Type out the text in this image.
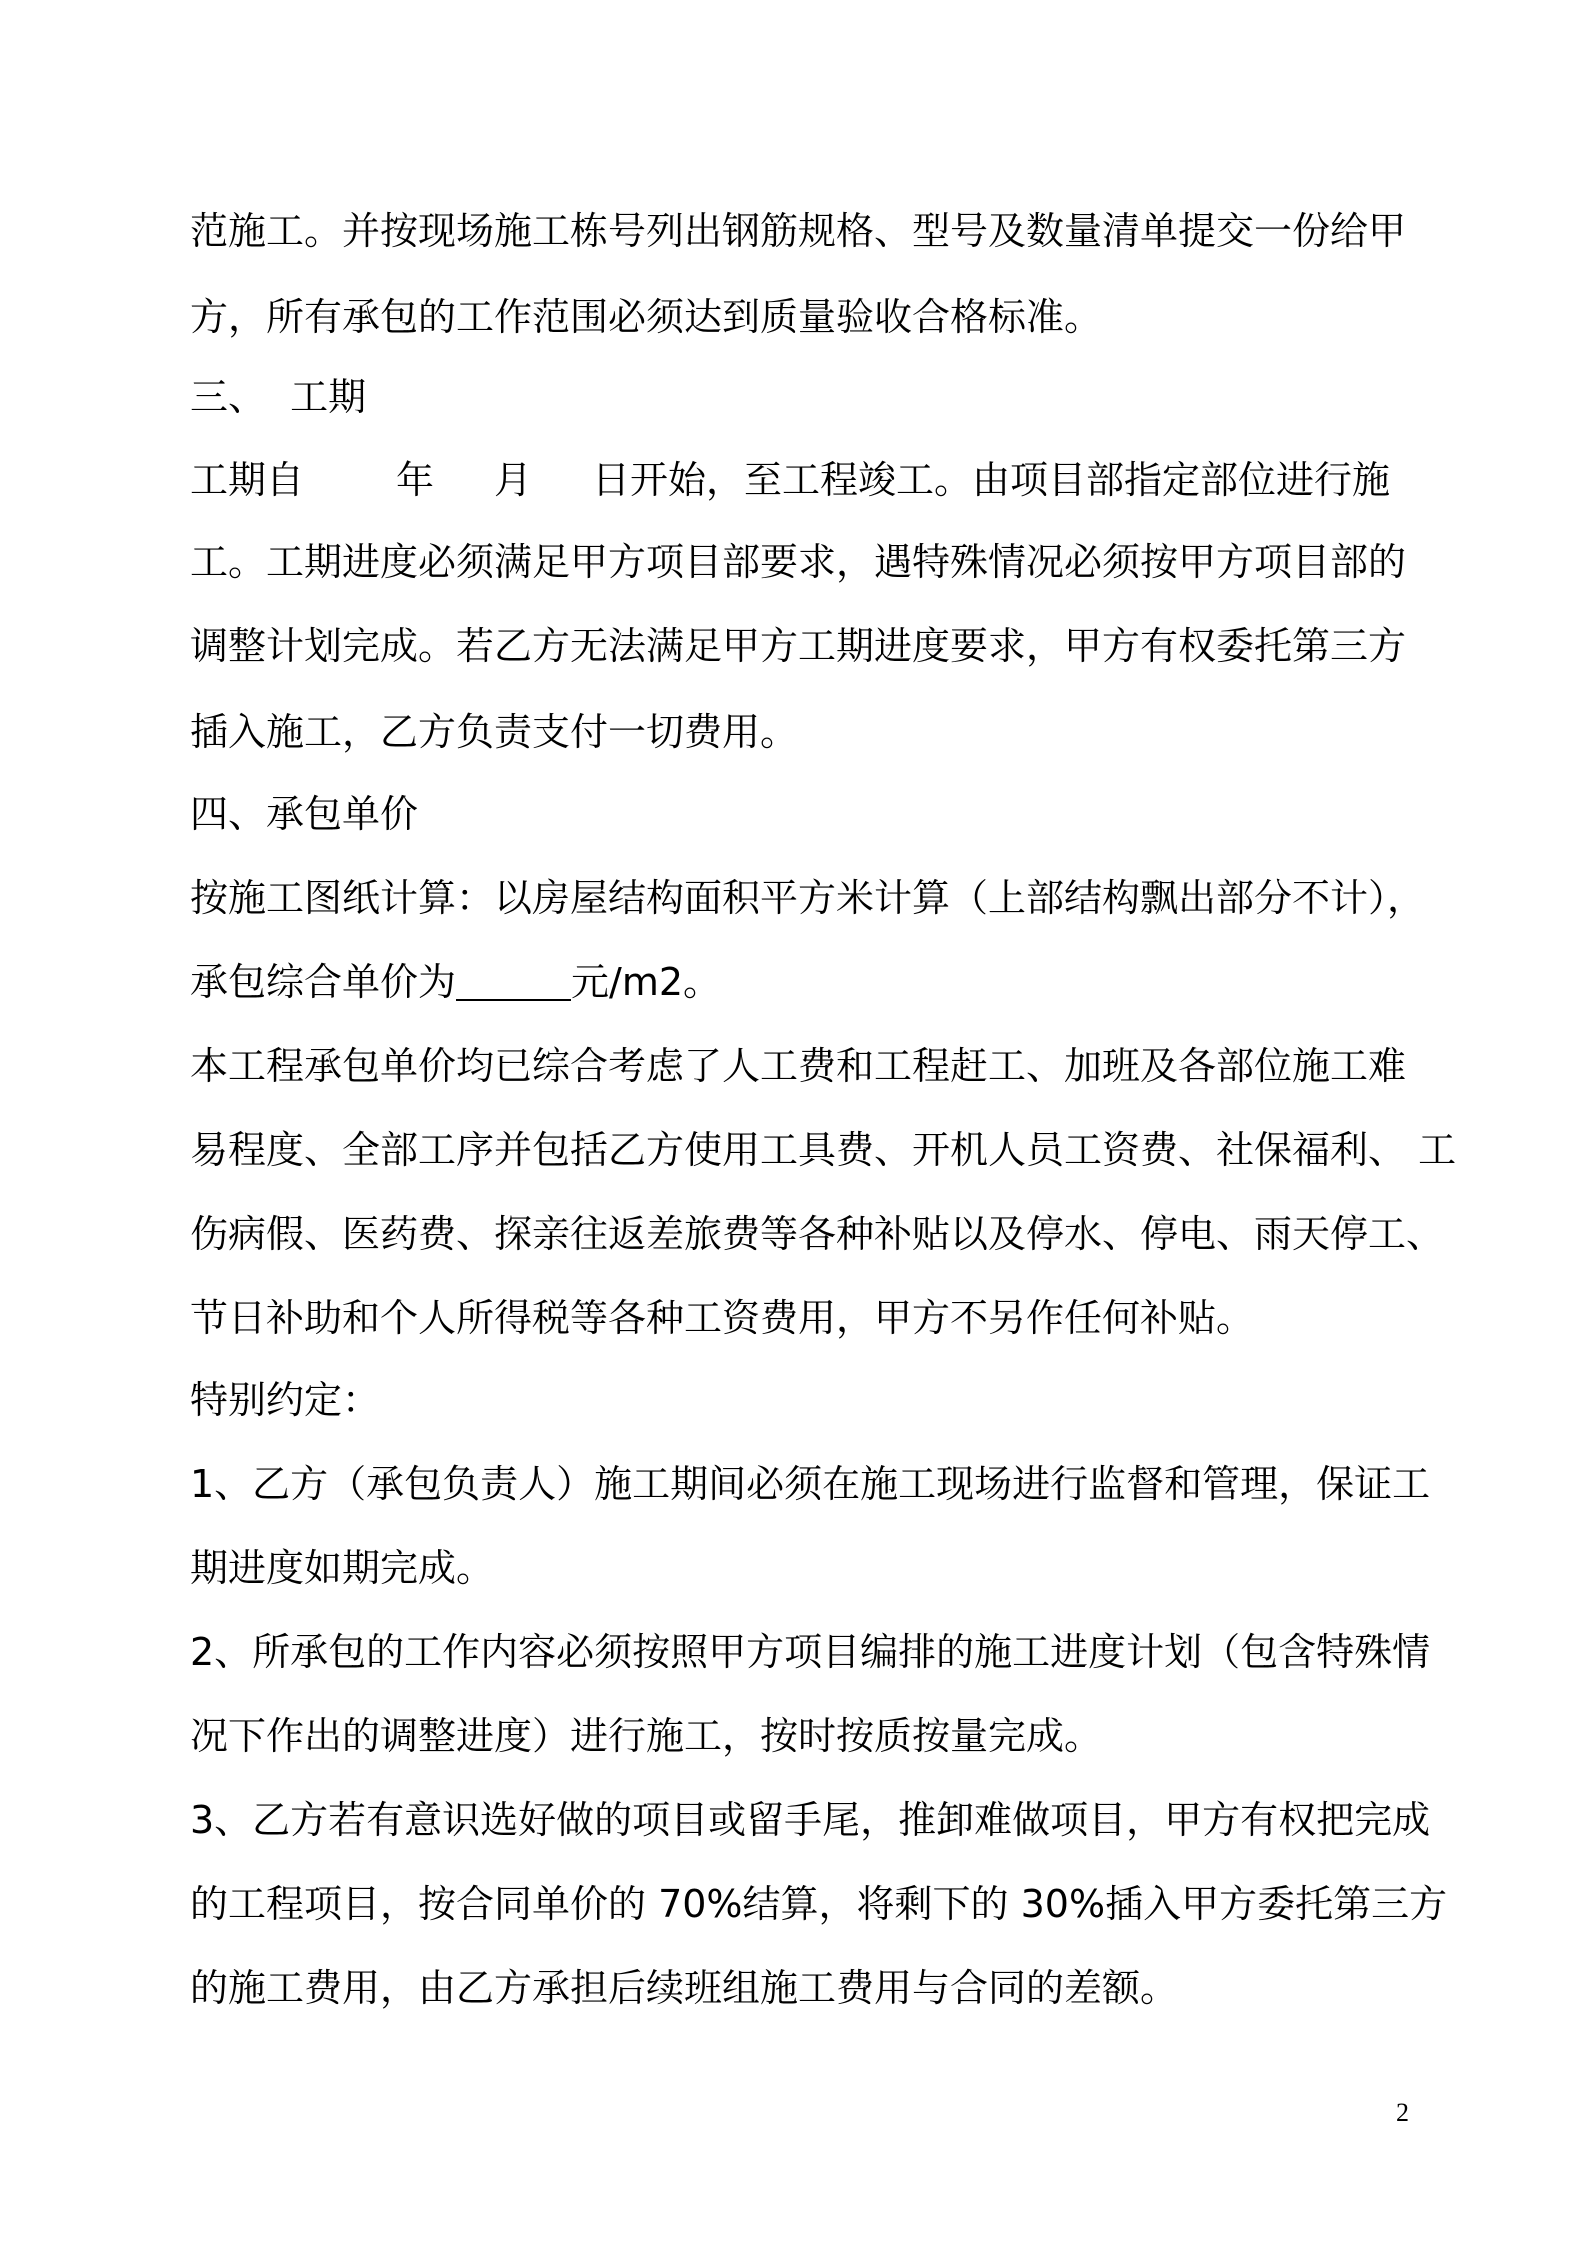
范施工。并按现场施工栋号列出钢筋规格、型号及数量清单提交一份给甲
方，所有承包的工作范围必须达到质量验收合格标准。
三、  工期
工期自 年 月 日开始，至工程竣工。由项目部指定部位进行施
工。工期进度必须满足甲方项目部要求，遇特殊情况必须按甲方项目部的
调整计划完成。若乙方无法满足甲方工期进度要求，甲方有权委托第三方
插入施工，乙方负责支付一切费用。
四、承包单价
按施工图纸计算：以房屋结构面积平方米计算（上部结构飘出部分不计），
承包综合单价为	元/m2。
本工程承包单价均已综合考虑了人工费和工程赶工、加班及各部位施工难
易程度、全部工序并包括乙方使用工具费、开机人员工资费、社保福利、 工
伤病假、医药费、探亲往返差旅费等各种补贴以及停水、停电、雨天停工、
节日补助和个人所得税等各种工资费用，甲方不另作任何补贴。
特别约定：
1、乙方（承包负责人）施工期间必须在施工现场进行监督和管理，保证工
期进度如期完成。
2、所承包的工作内容必须按照甲方项目编排的施工进度计划（包含特殊情
况下作出的调整进度）进行施工，按时按质按量完成。
3、乙方若有意识选好做的项目或留手尾，推卸难做项目，甲方有权把完成
的工程项目，按合同单价的 70%结算，将剩下的 30%插入甲方委托第三方
的施工费用，由乙方承担后续班组施工费用与合同的差额。
2
